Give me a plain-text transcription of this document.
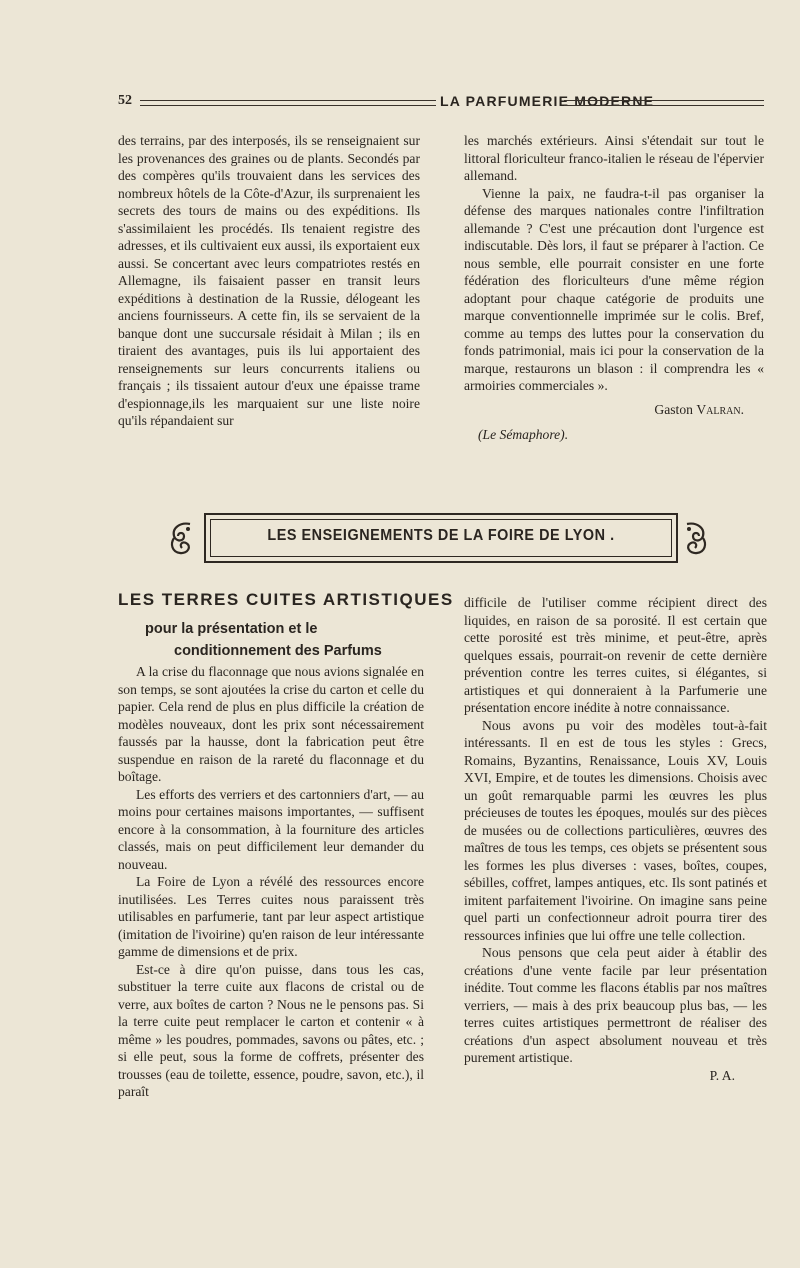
52	LA PARFUMERIE MODERNE

des terrains, par des interposés, ils se renseignaient sur les provenances des graines ou de plants. Secondés par des compères qu'ils trouvaient dans les services des nombreux hôtels de la Côte-d'Azur, ils surprenaient les secrets des tours de mains ou des expéditions. Ils s'assimilaient les procédés. Ils tenaient registre des adresses, et ils cultivaient eux aussi, ils exportaient eux aussi. Se concertant avec leurs compatriotes restés en Allemagne, ils faisaient passer en transit leurs expéditions à destination de la Russie, délogeant les anciens fournisseurs. A cette fin, ils se servaient de la banque dont une succursale résidait à Milan ; ils en tiraient des avantages, puis ils lui apportaient des renseignements sur leurs concurrents italiens ou français ; ils tissaient autour d'eux une épaisse trame d'espionnage,ils les marquaient sur une liste noire qu'ils répandaient sur

les marchés extérieurs. Ainsi s'étendait sur tout le littoral floriculteur franco-italien le réseau de l'épervier allemand.

Vienne la paix, ne faudra-t-il pas organiser la défense des marques nationales contre l'infiltration allemande ? C'est une précaution dont l'urgence est indiscutable. Dès lors, il faut se préparer à l'action. Ce nous semble, elle pourrait consister en une forte fédération des floriculteurs d'une même région adoptant pour chaque catégorie de produits une marque conventionnelle imprimée sur le colis. Bref, comme au temps des luttes pour la conservation du fonds patrimonial, mais ici pour la conservation de la marque, restaurons un blason : il comprendra les « armoiries commerciales ».

Gaston Valran.

(Le Sémaphore).

LES ENSEIGNEMENTS DE LA FOIRE DE LYON .
LES TERRES CUITES ARTISTIQUES
pour la présentation et le
conditionnement des Parfums

A la crise du flaconnage que nous avions signalée en son temps, se sont ajoutées la crise du carton et celle du papier. Cela rend de plus en plus difficile la création de modèles nouveaux, dont les prix sont nécessairement faussés par la hausse, dont la fabrication peut être suspendue en raison de la rareté du flaconnage et du boîtage.

Les efforts des verriers et des cartonniers d'art, — au moins pour certaines maisons importantes, — suffisent encore à la consommation, à la fourniture des articles classés, mais on peut difficilement leur demander du nouveau.

La Foire de Lyon a révélé des ressources encore inutilisées. Les Terres cuites nous paraissent très utilisables en parfumerie, tant par leur aspect artistique (imitation de l'ivoirine) qu'en raison de leur intéressante gamme de dimensions et de prix.

Est-ce à dire qu'on puisse, dans tous les cas, substituer la terre cuite aux flacons de cristal ou de verre, aux boîtes de carton ? Nous ne le pensons pas. Si la terre cuite peut remplacer le carton et contenir « à même » les poudres, pommades, savons ou pâtes, etc. ; si elle peut, sous la forme de coffrets, présenter des trousses (eau de toilette, essence, poudre, savon, etc.), il paraît

difficile de l'utiliser comme récipient direct des liquides, en raison de sa porosité. Il est certain que cette porosité est très minime, et peut-être, après quelques essais, pourrait-on revenir de cette dernière prévention contre les terres cuites, si élégantes, si artistiques et qui donneraient à la Parfumerie une présentation encore inédite à notre connaissance.

Nous avons pu voir des modèles tout-à-fait intéressants. Il en est de tous les styles : Grecs, Romains, Byzantins, Renaissance, Louis XV, Louis XVI, Empire, et de toutes les dimensions. Choisis avec un goût remarquable parmi les œuvres les plus précieuses de toutes les époques, moulés sur des pièces de musées ou de collections particulières, œuvres des maîtres de tous les temps, ces objets se présentent sous les formes les plus diverses : vases, boîtes, coupes, sébilles, coffret, lampes antiques, etc. Ils sont patinés et imitent parfaitement l'ivoirine. On imagine sans peine quel parti un confectionneur adroit pourra tirer des ressources infinies que lui offre une telle collection.

Nous pensons que cela peut aider à établir des créations d'une vente facile par leur présentation inédite. Tout comme les flacons établis par nos maîtres verriers, — mais à des prix beaucoup plus bas, — les terres cuites artistiques permettront de réaliser des créations d'un aspect absolument nouveau et très purement artistique.

P. A.
